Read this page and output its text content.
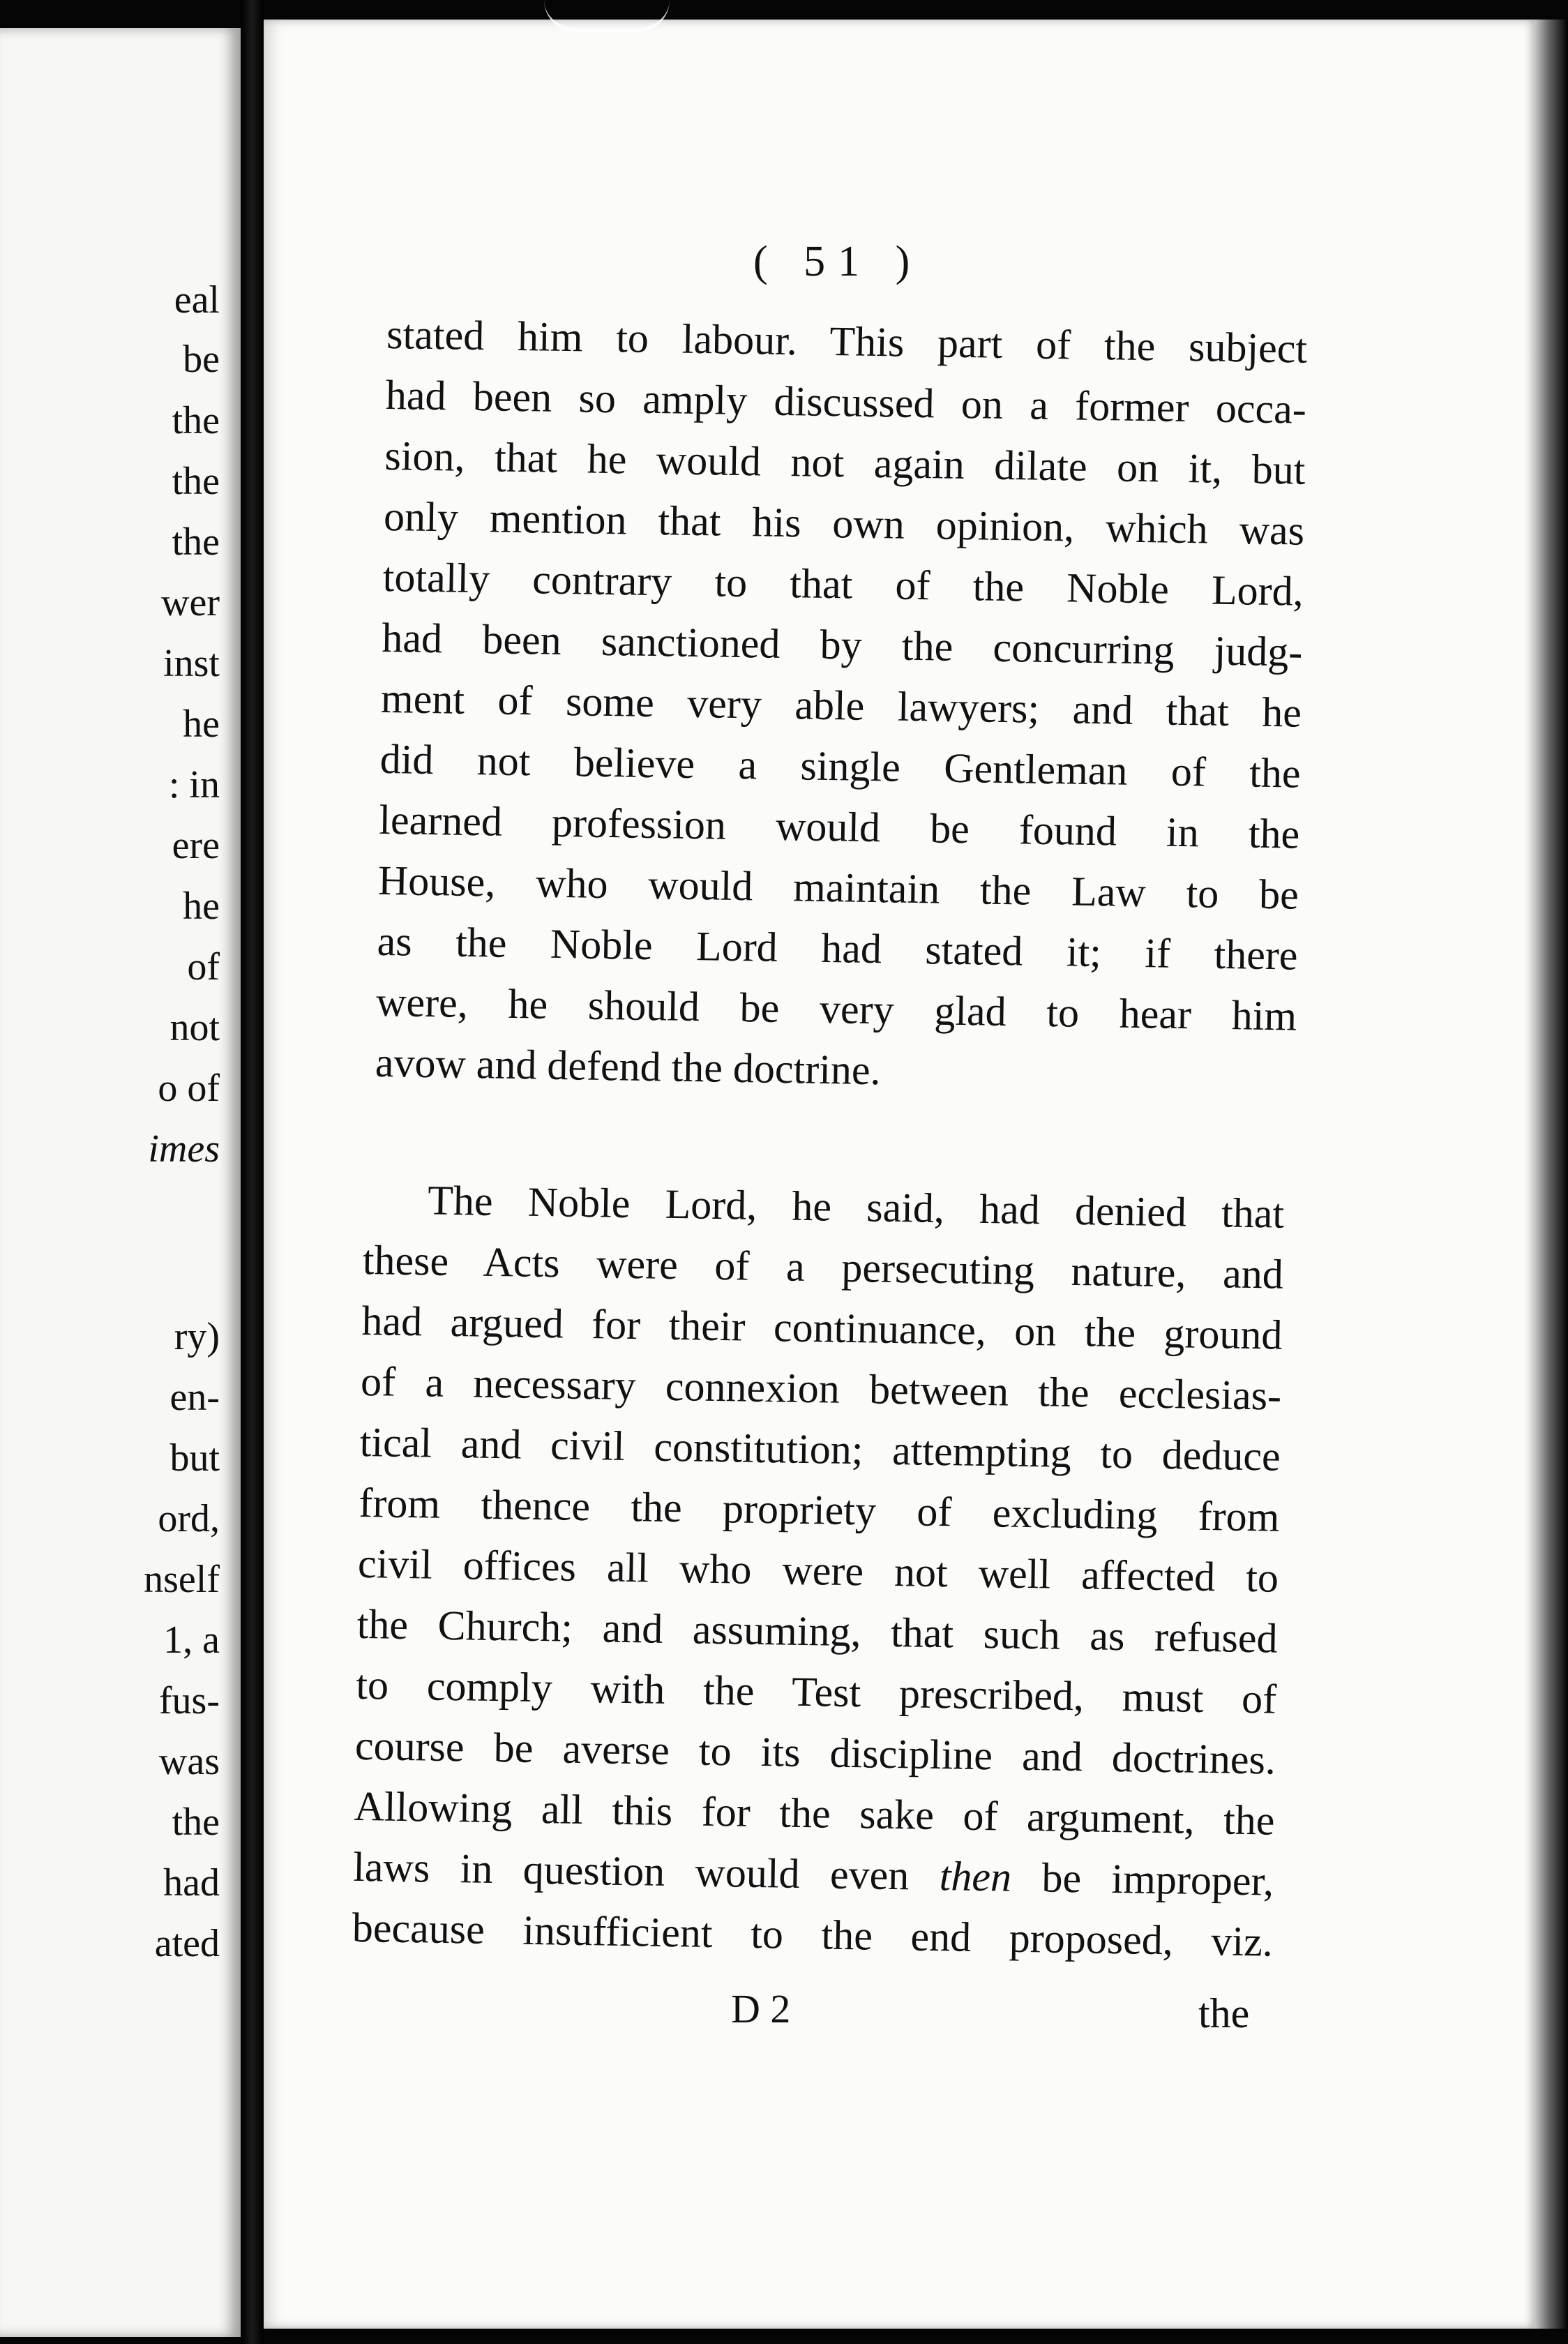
eal
be
the
the
the
wer
inst
he
: in
ere
he
of
not
o of
imes
ry)
en-
but
ord,
nself
1, a
fus-
was
the
had
ated
( 51 )
stated him to labour. This part of the subject
had been so amply discussed on a former occa-
sion, that he would not again dilate on it, but
only mention that his own opinion, which was
totally contrary to that of the Noble Lord,
had been sanctioned by the concurring judg-
ment of some very able lawyers; and that he
did not believe a single Gentleman of the
learned profession would be found in the
House, who would maintain the Law to be
as the Noble Lord had stated it; if there
were, he should be very glad to hear him
avow and defend the doctrine.
The Noble Lord, he said, had denied that
these Acts were of a persecuting nature, and
had argued for their continuance, on the ground
of a necessary connexion between the ecclesias-
tical and civil constitution; attempting to deduce
from thence the propriety of excluding from
civil offices all who were not well affected to
the Church; and assuming, that such as refused
to comply with the Test prescribed, must of
course be averse to its discipline and doctrines.
Allowing all this for the sake of argument, the
laws in question would even then be improper,
because insufficient to the end proposed, viz.
D 2	the
